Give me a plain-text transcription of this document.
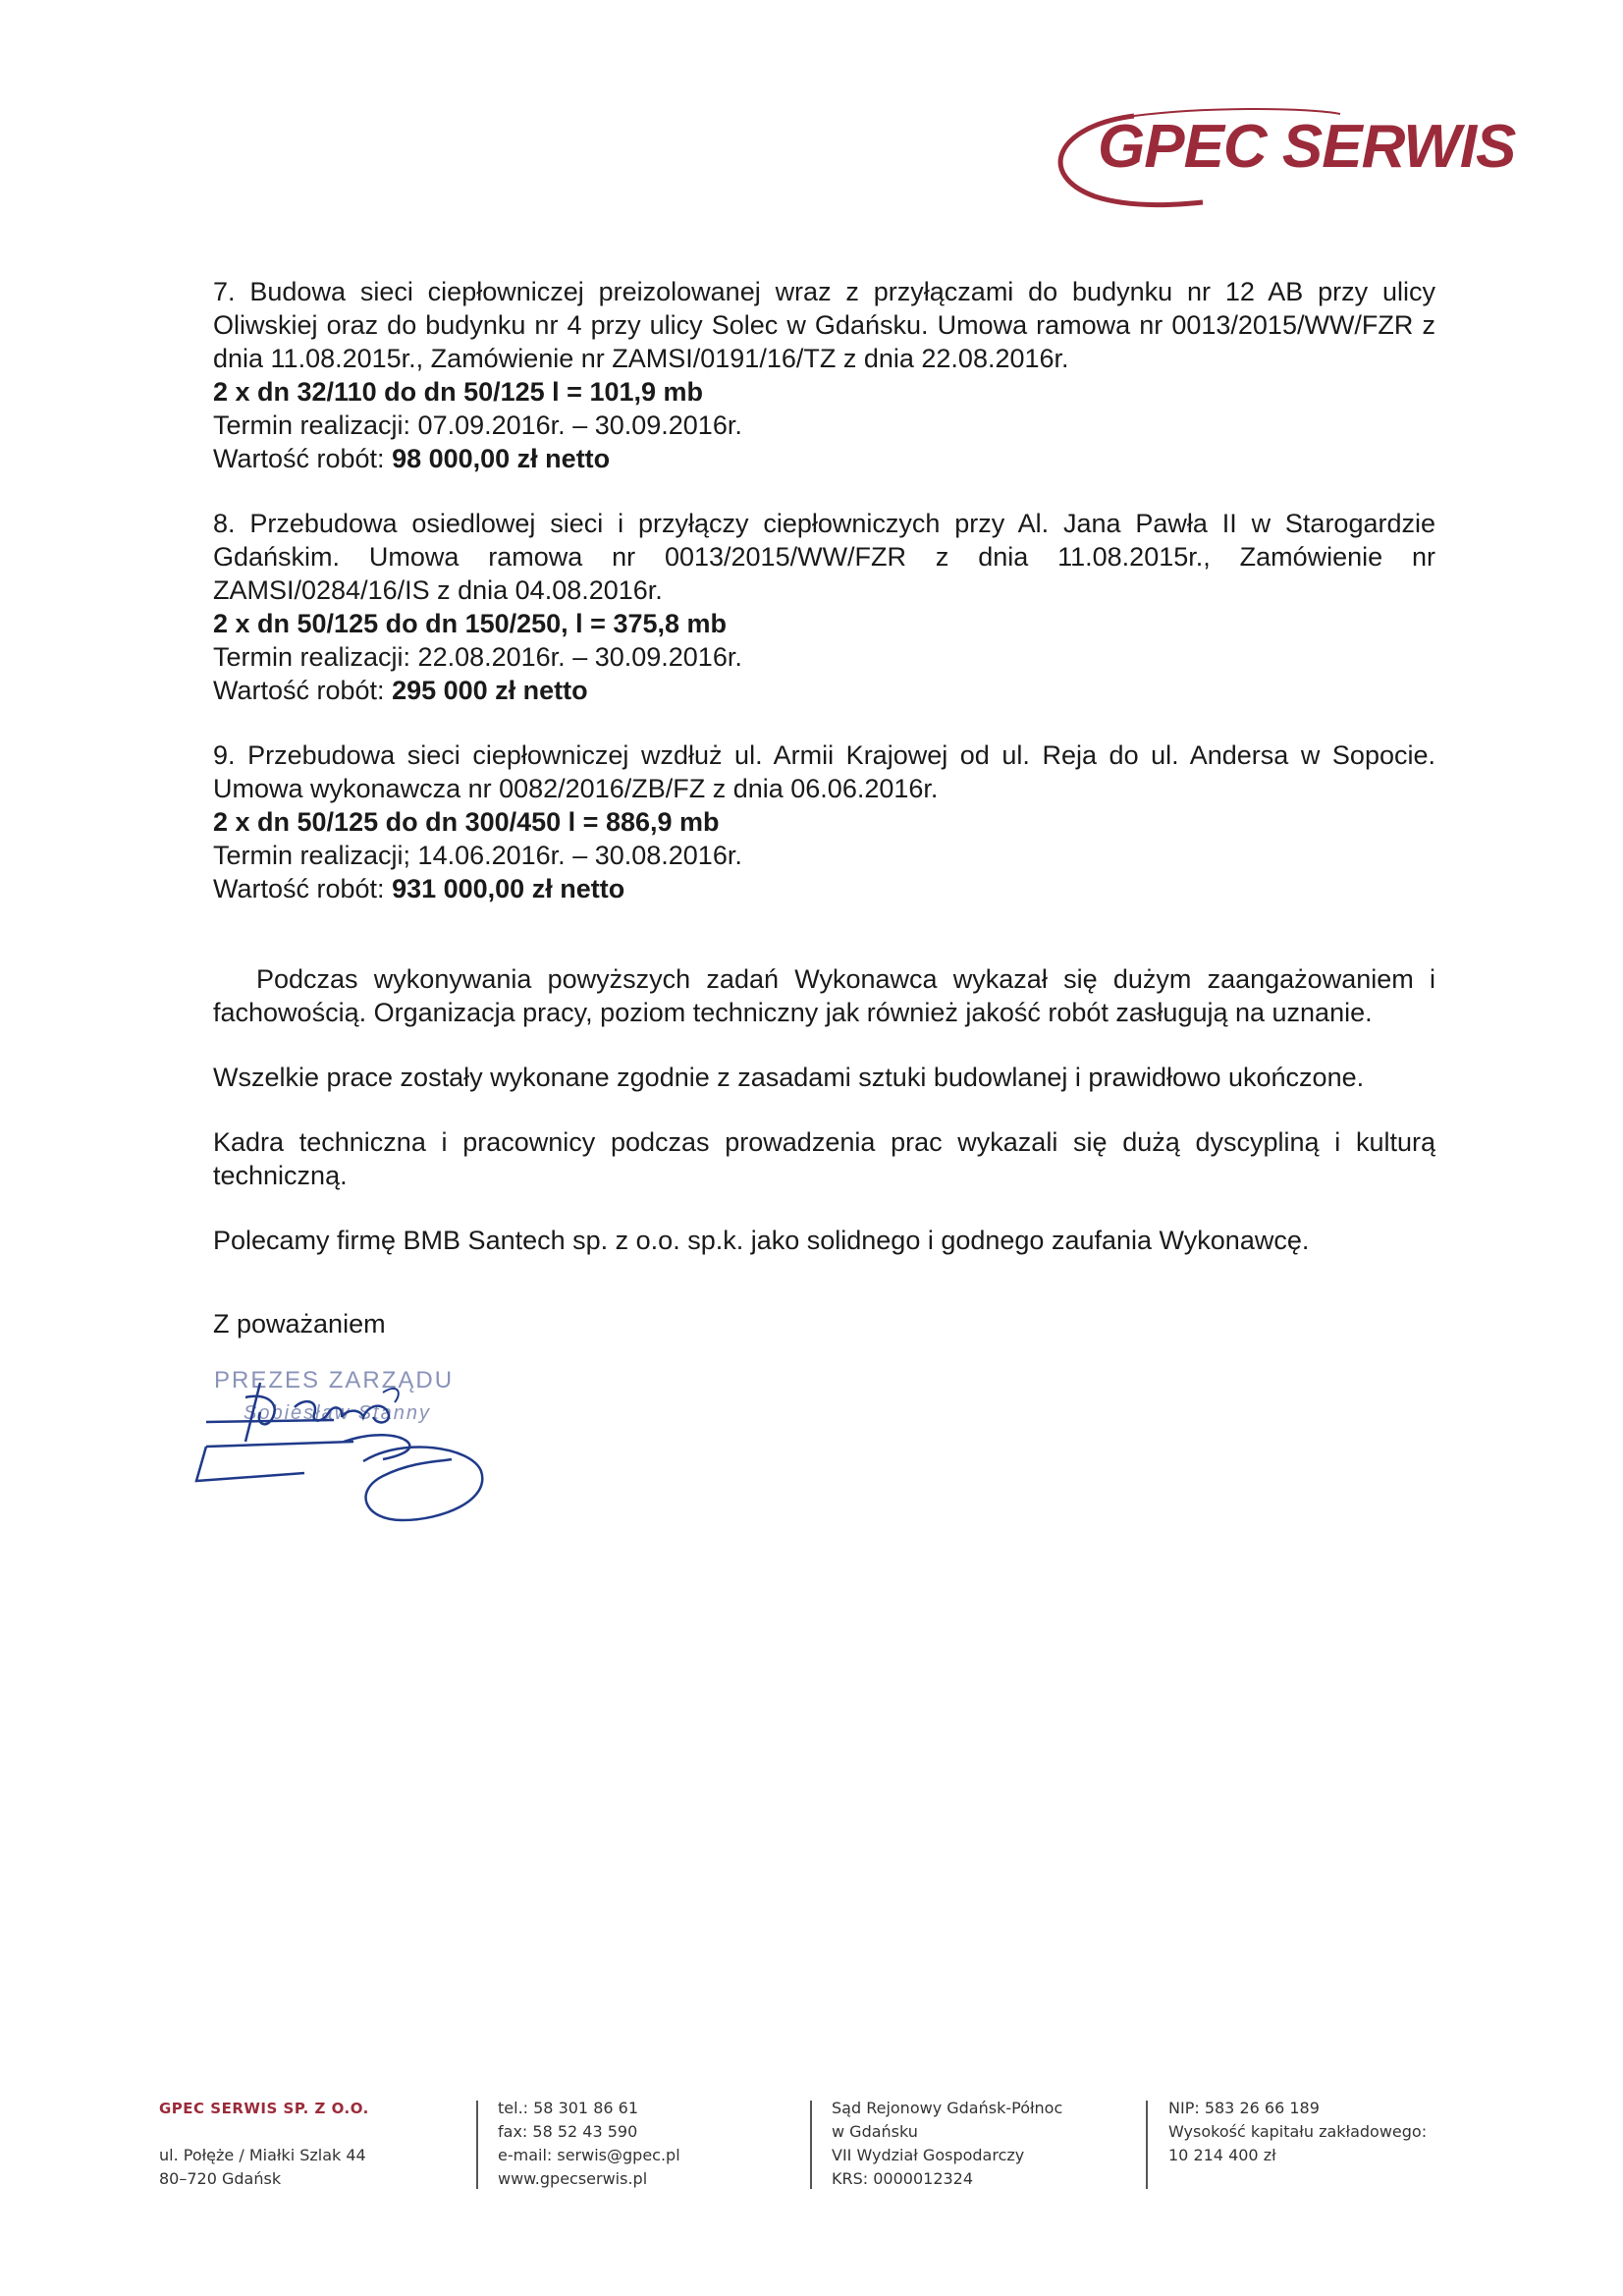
GPEC SERWIS
7. Budowa sieci ciepłowniczej preizolowanej wraz z przyłączami do budynku nr 12 AB przy ulicy Oliwskiej oraz do budynku nr 4 przy ulicy Solec w Gdańsku. Umowa ramowa nr 0013/2015/WW/FZR z dnia 11.08.2015r., Zamówienie nr ZAMSI/0191/16/TZ z dnia 22.08.2016r.
2 x dn 32/110 do dn 50/125 l = 101,9 mb
Termin realizacji: 07.09.2016r. – 30.09.2016r.
Wartość robót: 98 000,00 zł netto
8. Przebudowa osiedlowej sieci i przyłączy ciepłowniczych przy Al. Jana Pawła II w Starogardzie Gdańskim. Umowa ramowa nr 0013/2015/WW/FZR z dnia 11.08.2015r., Zamówienie nr ZAMSI/0284/16/IS z dnia 04.08.2016r.
2 x dn 50/125 do dn 150/250, l = 375,8 mb
Termin realizacji: 22.08.2016r. – 30.09.2016r.
Wartość robót: 295 000 zł netto
9. Przebudowa sieci ciepłowniczej wzdłuż ul. Armii Krajowej od ul. Reja do ul. Andersa w Sopocie. Umowa wykonawcza nr 0082/2016/ZB/FZ z dnia 06.06.2016r.
2 x dn 50/125 do dn 300/450 l = 886,9 mb
Termin realizacji; 14.06.2016r. – 30.08.2016r.
Wartość robót: 931 000,00 zł netto
Podczas wykonywania powyższych zadań Wykonawca wykazał się dużym zaangażowaniem i fachowością. Organizacja pracy, poziom techniczny jak również jakość robót zasługują na uznanie.
Wszelkie prace zostały wykonane zgodnie z zasadami sztuki budowlanej i prawidłowo ukończone.
Kadra techniczna i pracownicy podczas prowadzenia prac wykazali się dużą dyscypliną i kulturą techniczną.
Polecamy firmę BMB Santech sp. z o.o. sp.k. jako solidnego i godnego zaufania Wykonawcę.
Z poważaniem
PREZES ZARZĄDU
Sobiesław Stanny
GPEC SERWIS SP. Z O.O.
ul. Połęże / Miałki Szlak 44
80–720 Gdańsk
tel.: 58 301 86 61
fax: 58 52 43 590
e-mail: serwis@gpec.pl
www.gpecserwis.pl
Sąd Rejonowy Gdańsk-Północ
w Gdańsku
VII Wydział Gospodarczy
KRS: 0000012324
NIP: 583 26 66 189
Wysokość kapitału zakładowego:
10 214 400 zł
